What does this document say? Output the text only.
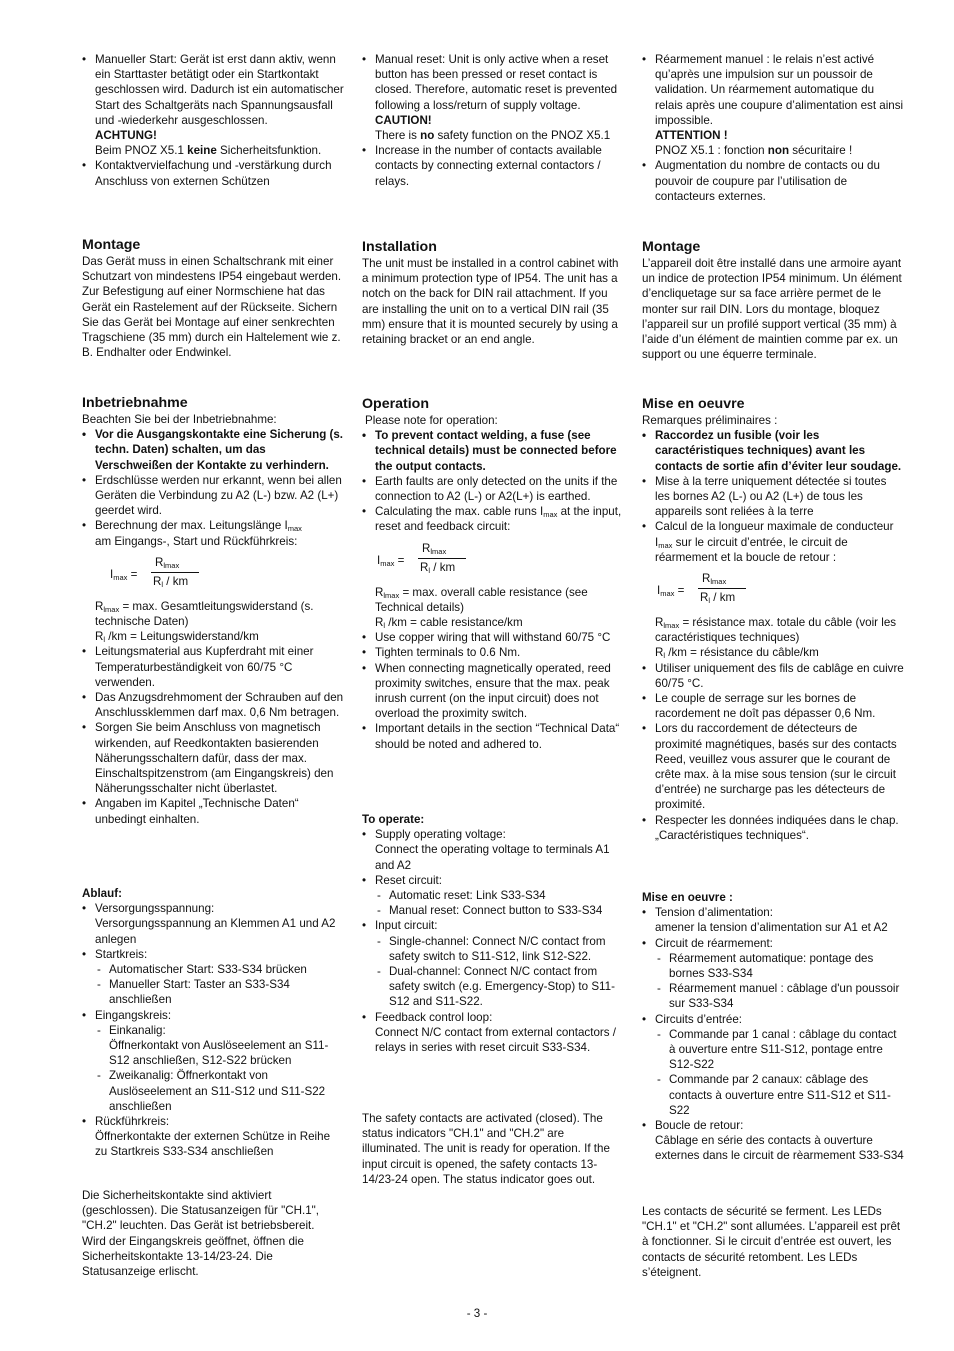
• Manueller Start: Gerät ist erst dann aktiv, wenn ein Starttaster betätigt oder ein Startkontakt geschlossen wird. Dadurch ist ein automatischer Start des Schaltgeräts nach Spannungsausfall und -wiederkehr ausgeschlossen.
ACHTUNG!
Beim PNOZ X5.1 keine Sicherheitsfunktion.
• Kontaktvervielfachung und -verstärkung durch Anschluss von externen Schützen
Montage

Das Gerät muss in einen Schaltschrank mit einer Schutzart von mindestens IP54 eingebaut werden. Zur Befestigung auf einer Normschiene hat das Gerät ein Rastelement auf der Rückseite. Sichern Sie das Gerät bei Montage auf einer senkrechten Tragschiene (35 mm) durch ein Haltelement wie z. B. Endhalter oder Endwinkel.

Inbetriebnahme

Beachten Sie bei der Inbetriebnahme:

• Vor die Ausgangskontakte eine Sicherung (s. techn. Daten) schalten, um das Verschweißen der Kontakte zu verhindern.
• Erdschlüsse werden nur erkannt, wenn bei allen Geräten die Verbindung zu A2 (L-) bzw. A2 (L+) geerdet wird.
• Berechnung der max. Leitungslänge $I_{max}$
am Eingangs-, Start und Rückführkreis:
$I_{max}$ =
$R_{lmax}$
$R_l$ / km

$R_{lmax} = \max$. Gesamtleitungswiderstand (s. technische Daten)

$R_l$ /km = Leitungswiderstand/km

• Leitungsmaterial aus Kupferdraht mit einer Temperaturbeständigkeit von 60/75 °C verwenden.
• Das Anzugsdrehmoment der Schrauben auf den Anschlussklemmen darf max. 0,6 Nm betragen.
• Sorgen Sie beim Anschluss von magnetisch wirkenden, auf Reedkontakten basierenden Näherungsschaltern dafür, dass der max. Einschaltspitzenstrom (am Eingangskreis) den Näherungsschalter nicht überlastet.
• Angaben im Kapitel „Technische Daten“ unbedingt einhalten.

Ablauf:

• Versorgungsspannung:
Versorgungsspannung an Klemmen A1 und A2 anlegen
• Startkreis:
- Automatischer Start: S33-S34 brücken
- Manueller Start: Taster an S33-S34 anschließen
• Eingangskreis:
- Einkanalig:
Öffnerkontakt von Auslöseelement an S11-S12 anschließen, S12-S22 brücken
- Zweikanalig: Öffnerkontakt von Auslöseelement an S11-S12 und S11-S22 anschließen
• Rückführkreis:
Öffnerkontakte der externen Schütze in Reihe zu Startkreis S33-S34 anschließen

Die Sicherheitskontakte sind aktiviert (geschlossen). Die Statusanzeigen für "CH.1", "CH.2" leuchten. Das Gerät ist betriebsbereit.

Wird der Eingangskreis geöffnet, öffnen die Sicherheitskontakte 13-14/23-24. Die Statusanzeige erlischt.

• Manual reset: Unit is only active when a reset button has been pressed or reset contact is closed. Therefore, automatic reset is prevented following a loss/return of supply voltage.
CAUTION!
There is no safety function on the PNOZ X5.1
• Increase in the number of contacts available contacts by connecting external contactors / relays.
Installation

The unit must be installed in a control cabinet with a minimum protection type of IP54. The unit has a notch on the back for DIN rail attachment. If you are installing the unit on to a vertical DIN rail (35 mm) ensure that it is mounted securely by using a retaining bracket or an end angle.

Operation

Please note for operation:

• To prevent contact welding, a fuse (see technical details) must be connected before the output contacts.
• Earth faults are only detected on the units if the connection to A2 (L-) or A2(L+) is earthed.
• Calculating the max. cable runs $I_{max}$ at the input, reset and feedback circuit:
$I_{max}$ =
$R_{lmax}$
$R_l$ / km

$R_{lmax} = \max$. overall cable resistance (see Technical details)

$R_l$ /km = cable resistance/km

• Use copper wiring that will withstand 60/75 °C
• Tighten terminals to 0.6 Nm.
• When connecting magnetically operated, reed proximity switches, ensure that the max. peak inrush current (on the input circuit) does not overload the proximity switch.
• Important details in the section “Technical Data“ should be noted and adhered to.

To operate:

• Supply operating voltage:
Connect the operating voltage to terminals A1 and A2
• Reset circuit:
- Automatic reset: Link S33-S34
- Manual reset: Connect button to S33-S34
• Input circuit:
- Single-channel: Connect N/C contact from safety switch to S11-S12, link S12-S22.
- Dual-channel: Connect N/C contact from safety switch (e.g. Emergency-Stop) to S11-S12 and S11-S22.
• Feedback control loop:
Connect N/C contact from external contactors / relays in series with reset circuit S33-S34.

The safety contacts are activated (closed). The status indicators "CH.1" and "CH.2" are illuminated. The unit is ready for operation. If the input circuit is opened, the safety contacts 13-14/23-24 open. The status indicator goes out.

• Réarmement manuel : le relais n’est activé qu’après une impulsion sur un poussoir de validation. Un réarmement automatique du relais après une coupure d’alimentation est ainsi impossible.
ATTENTION !
PNOZ X5.1 : fonction non sécuritaire !
• Augmentation du nombre de contacts ou du pouvoir de coupure par l’utilisation de contacteurs externes.
Montage

L’appareil doit être installé dans une armoire ayant un indice de protection IP54 minimum. Un élément d’encliquetage sur sa face arrière permet de le monter sur rail DIN. Lors du montage, bloquez l’appareil sur un profilé support vertical (35 mm) à l’aide d’un élément de maintien comme par ex. un support ou une équerre terminale.

Mise en oeuvre

Remarques préliminaires :

• Raccordez un fusible (voir les caractéristiques techniques) avant les contacts de sortie afin d’éviter leur soudage.
• Mise à la terre uniquement détectée si toutes les bornes A2 (L-) ou A2 (L+) de tous les appareils sont reliées à la terre
• Calcul de la longueur maximale de conducteur $I_{max}$ sur le circuit d’entrée, le circuit de réarmement et la boucle de retour :
$I_{max}$ =
$R_{lmax}$
$R_l$ / km

$R_{lmax}$ = résistance max. totale du câble (voir les caractéristiques techniques)

$R_l$ /km = résistance du câble/km

• Utiliser uniquement des fils de cablâge en cuivre 60/75 °C.
• Le couple de serrage sur les bornes de racordement ne doît pas dépasser 0,6 Nm.
• Lors du raccordement de détecteurs de proximité magnétiques, basés sur des contacts Reed, veuillez vous assurer que le courant de crête max. à la mise sous tension (sur le circuit d’entrée) ne surcharge pas les détecteurs de proximité.
• Respecter les données indiquées dans le chap. „Caractéristiques techniques“.

Mise en oeuvre :

• Tension d’alimentation:
amener la tension d’alimentation sur A1 et A2
• Circuit de réarmement:
- Réarmement automatique: pontage des bornes S33-S34
- Réarmement manuel : câblage d'un poussoir sur S33-S34
• Circuits d’entrée:
- Commande par 1 canal : câblage du contact à ouverture entre S11-S12, pontage entre S12-S22
- Commande par 2 canaux: câblage des contacts à ouverture entre S11-S12 et S11-S22
• Boucle de retour:
Câblage en série des contacts à ouverture externes dans le circuit de rèarmement S33-S34

Les contacts de sécurité se ferment. Les LEDs "CH.1" et "CH.2" sont allumées. L’appareil est prêt à fonctionner. Si le circuit d’entrée est ouvert, les contacts de sécurité retombent. Les LEDs s’éteignent.

- 3 -
